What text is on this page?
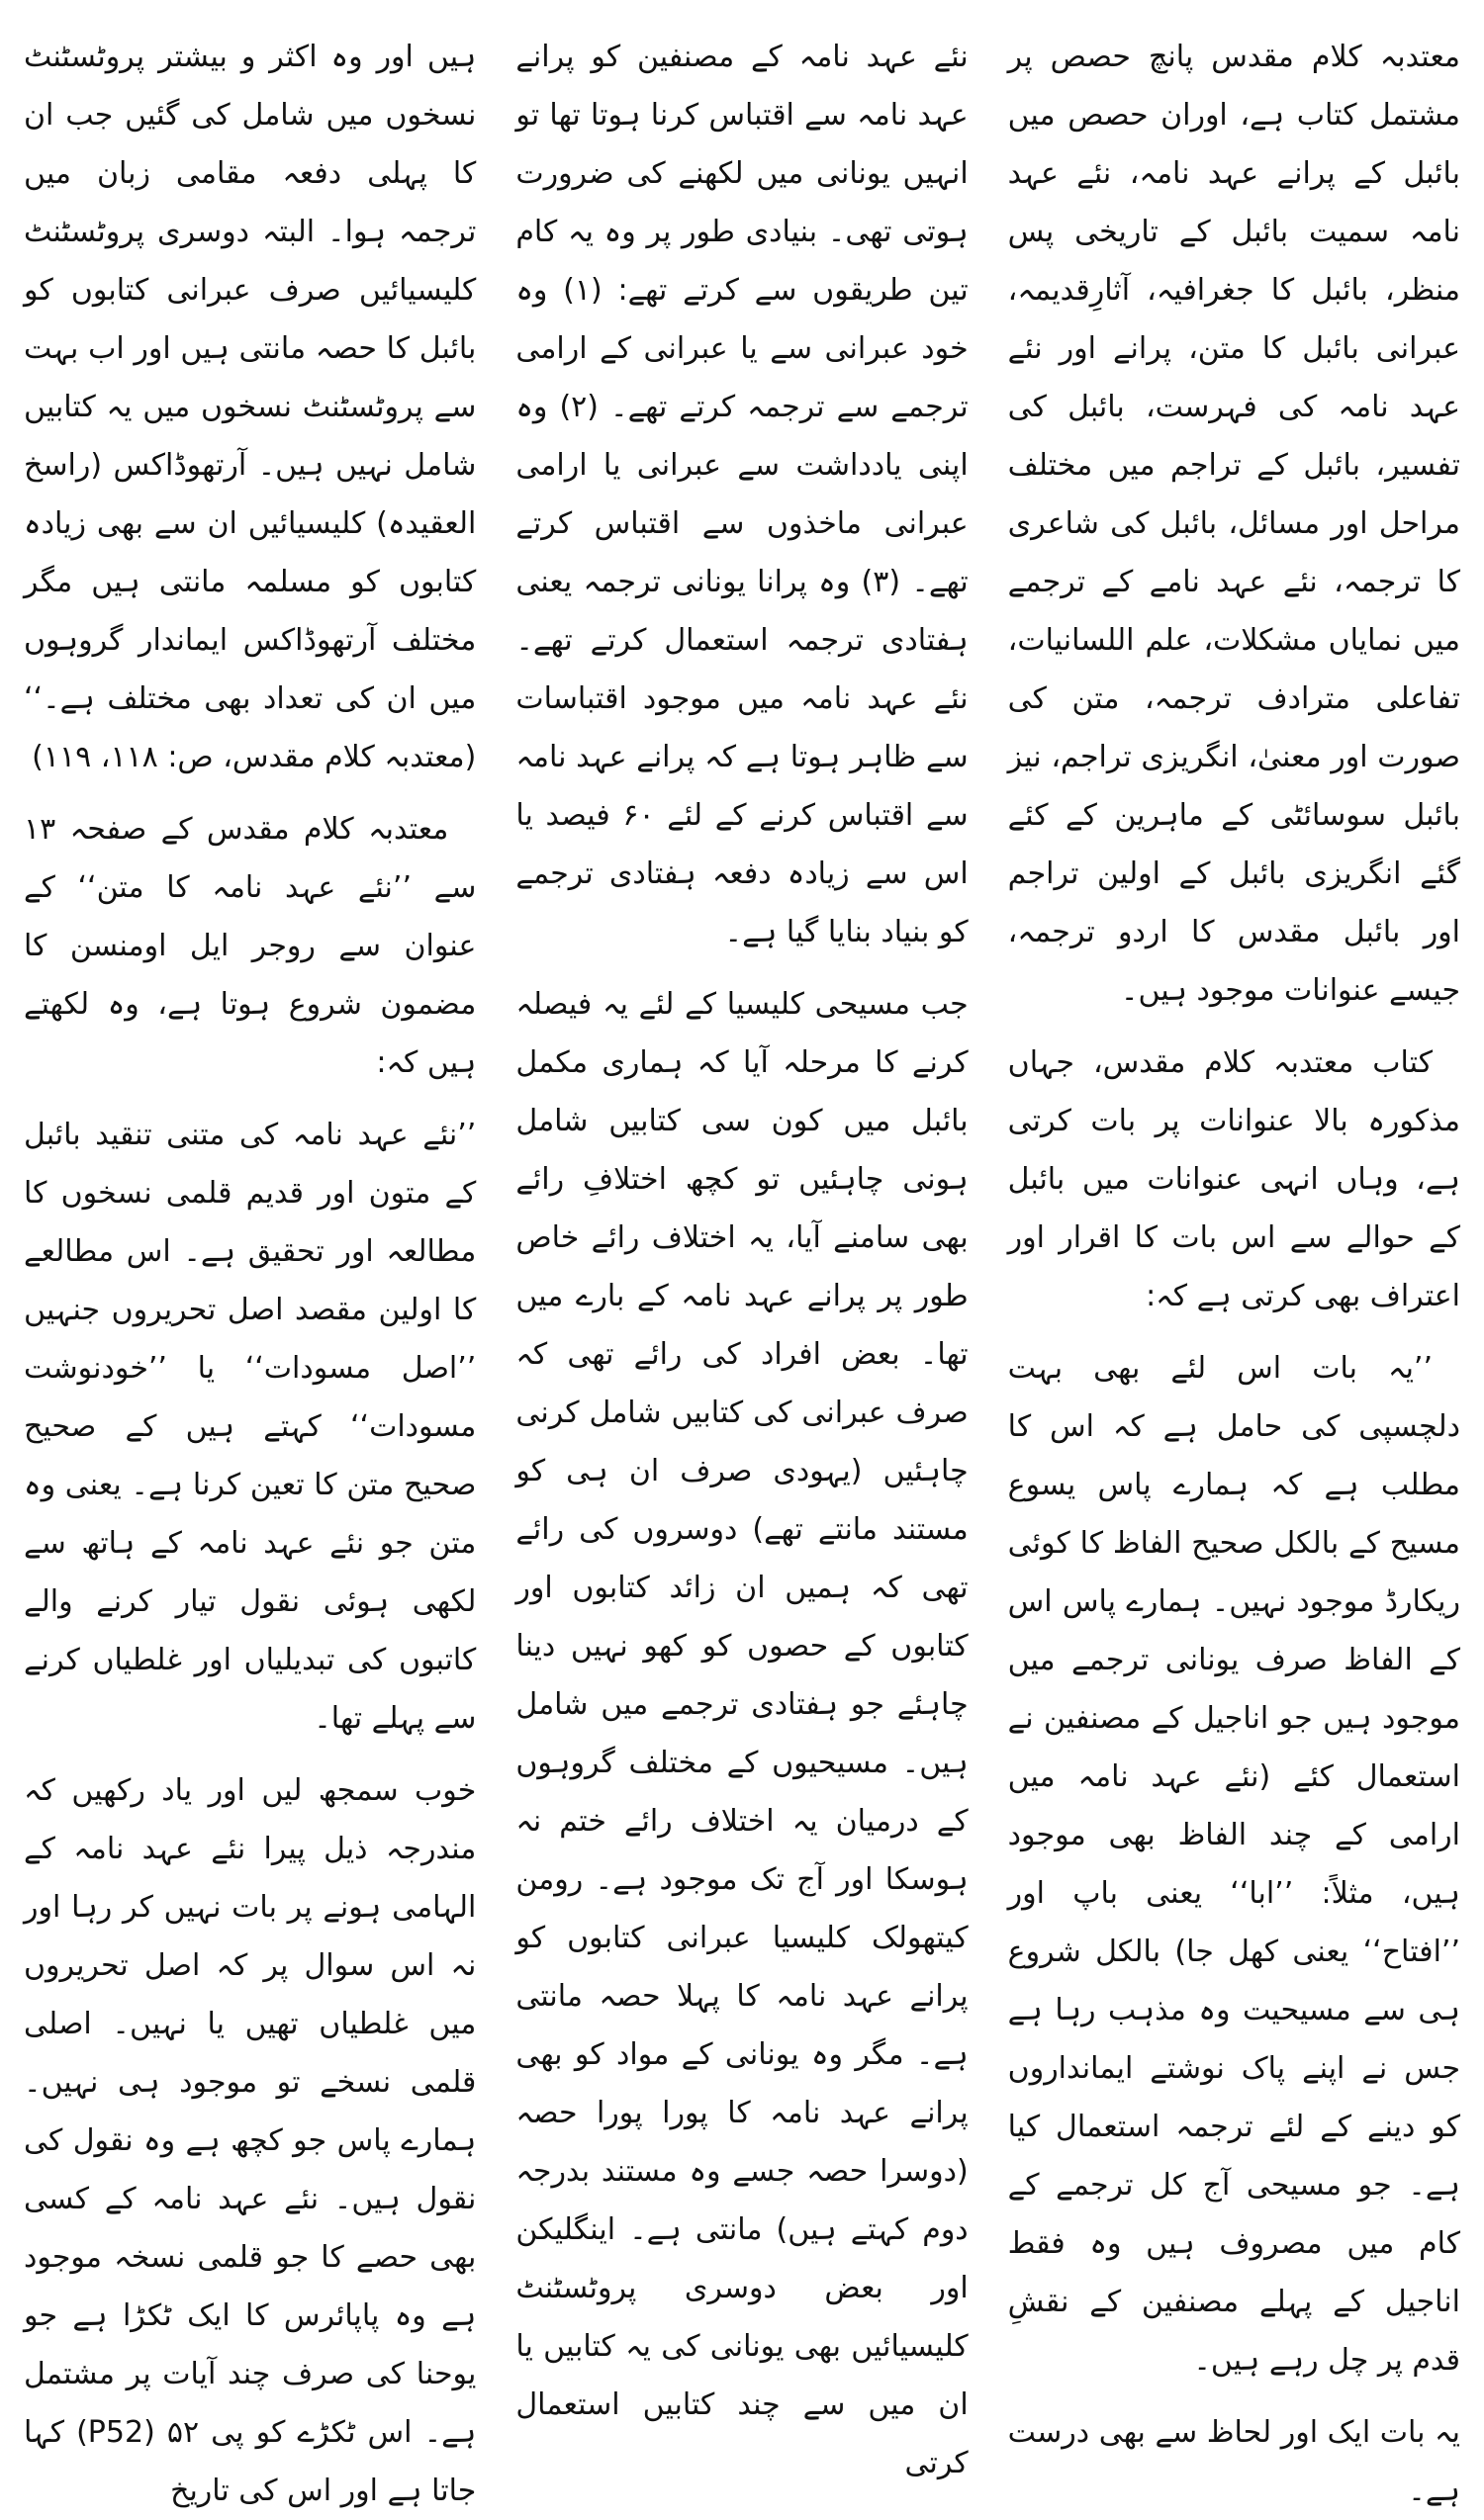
معتدبہ کلام مقدس پانچ حصص پر مشتمل کتاب ہے، اوران حصص میں بائبل کے پرانے عہد نامہ، نئے عہد نامہ سمیت بائبل کے تاریخی پس منظر، بائبل کا جغرافیہ، آثارِقدیمہ، عبرانی بائبل کا متن، پرانے اور نئے عہد نامہ کی فہرست، بائبل کی تفسیر، بائبل کے تراجم میں مختلف مراحل اور مسائل، بائبل کی شاعری کا ترجمہ، نئے عہد نامے کے ترجمے میں نمایاں مشکلات، علم اللسانیات، تفاعلی مترادف ترجمہ، متن کی صورت اور معنیٰ، انگریزی تراجم، نیز بائبل سوسائٹی کے ماہرین کے کئے گئے انگریزی بائبل کے اولین تراجم اور بائبل مقدس کا اردو ترجمہ، جیسے عنوانات موجود ہیں۔

کتاب معتدبہ کلام مقدس، جہاں مذکورہ بالا عنوانات پر بات کرتی ہے، وہاں انہی عنوانات میں بائبل کے حوالے سے اس بات کا اقرار اور اعتراف بھی کرتی ہے کہ:

’’یہ بات اس لئے بھی بہت دلچسپی کی حامل ہے کہ اس کا مطلب ہے کہ ہمارے پاس یسوع مسیح کے بالکل صحیح الفاظ کا کوئی ریکارڈ موجود نہیں۔ ہمارے پاس اس کے الفاظ صرف یونانی ترجمے میں موجود ہیں جو اناجیل کے مصنفین نے استعمال کئے (نئے عہد نامہ میں ارامی کے چند الفاظ بھی موجود ہیں، مثلاً: ’’ابا‘‘ یعنی باپ اور ’’افتاح‘‘ یعنی کھل جا) بالکل شروع ہی سے مسیحیت وہ مذہب رہا ہے جس نے اپنے پاک نوشتے ایمانداروں کو دینے کے لئے ترجمہ استعمال کیا ہے۔ جو مسیحی آج کل ترجمے کے کام میں مصروف ہیں وہ فقط اناجیل کے پہلے مصنفین کے نقشِ قدم پر چل رہے ہیں۔

یہ بات ایک اور لحاظ سے بھی درست ہے۔

نئے عہد نامہ کے مصنفین کو پرانے عہد نامہ سے اقتباس کرنا ہوتا تھا تو انہیں یونانی میں لکھنے کی ضرورت ہوتی تھی۔ بنیادی طور پر وہ یہ کام تین طریقوں سے کرتے تھے: (۱) وہ خود عبرانی سے یا عبرانی کے ارامی ترجمے سے ترجمہ کرتے تھے۔ (۲) وہ اپنی یادداشت سے عبرانی یا ارامی عبرانی ماخذوں سے اقتباس کرتے تھے۔ (۳) وہ پرانا یونانی ترجمہ یعنی ہفتادی ترجمہ استعمال کرتے تھے۔ نئے عہد نامہ میں موجود اقتباسات سے ظاہر ہوتا ہے کہ پرانے عہد نامہ سے اقتباس کرنے کے لئے ۶۰ فیصد یا اس سے زیادہ دفعہ ہفتادی ترجمے کو بنیاد بنایا گیا ہے۔

جب مسیحی کلیسیا کے لئے یہ فیصلہ کرنے کا مرحلہ آیا کہ ہماری مکمل بائبل میں کون سی کتابیں شامل ہونی چاہئیں تو کچھ اختلافِ رائے بھی سامنے آیا، یہ اختلاف رائے خاص طور پر پرانے عہد نامہ کے بارے میں تھا۔ بعض افراد کی رائے تھی کہ صرف عبرانی کی کتابیں شامل کرنی چاہئیں (یہودی صرف ان ہی کو مستند مانتے تھے) دوسروں کی رائے تھی کہ ہمیں ان زائد کتابوں اور کتابوں کے حصوں کو کھو نہیں دینا چاہئے جو ہفتادی ترجمے میں شامل ہیں۔ مسیحیوں کے مختلف گروہوں کے درمیان یہ اختلاف رائے ختم نہ ہوسکا اور آج تک موجود ہے۔ رومن کیتھولک کلیسیا عبرانی کتابوں کو پرانے عہد نامہ کا پہلا حصہ مانتی ہے۔ مگر وہ یونانی کے مواد کو بھی پرانے عہد نامہ کا پورا پورا حصہ (دوسرا حصہ جسے وہ مستند بدرجہ دوم کہتے ہیں) مانتی ہے۔ اینگلیکن اور بعض دوسری پروٹسٹنٹ کلیسیائیں بھی یونانی کی یہ کتابیں یا ان میں سے چند کتابیں استعمال کرتی

ہیں اور وہ اکثر و بیشتر پروٹسٹنٹ نسخوں میں شامل کی گئیں جب ان کا پہلی دفعہ مقامی زبان میں ترجمہ ہوا۔ البتہ دوسری پروٹسٹنٹ کلیسیائیں صرف عبرانی کتابوں کو بائبل کا حصہ مانتی ہیں اور اب بہت سے پروٹسٹنٹ نسخوں میں یہ کتابیں شامل نہیں ہیں۔ آرتھوڈاکس (راسخ العقیدہ) کلیسیائیں ان سے بھی زیادہ کتابوں کو مسلمہ مانتی ہیں مگر مختلف آرتھوڈاکس ایماندار گروہوں میں ان کی تعداد بھی مختلف ہے۔‘‘ (معتدبہ کلام مقدس، ص: ۱۱۸، ۱۱۹)

معتدبہ کلام مقدس کے صفحہ ۱۳ سے ’’نئے عہد نامہ کا متن‘‘ کے عنوان سے روجر ایل اومنسن کا مضمون شروع ہوتا ہے، وہ لکھتے ہیں کہ:

’’نئے عہد نامہ کی متنی تنقید بائبل کے متون اور قدیم قلمی نسخوں کا مطالعہ اور تحقیق ہے۔ اس مطالعے کا اولین مقصد اصل تحریروں جنہیں ’’اصل مسودات‘‘ یا ’’خودنوشت مسودات‘‘ کہتے ہیں کے صحیح صحیح متن کا تعین کرنا ہے۔ یعنی وہ متن جو نئے عہد نامہ کے ہاتھ سے لکھی ہوئی نقول تیار کرنے والے کاتبوں کی تبدیلیاں اور غلطیاں کرنے سے پہلے تھا۔

خوب سمجھ لیں اور یاد رکھیں کہ مندرجہ ذیل پیرا نئے عہد نامہ کے الہامی ہونے پر بات نہیں کر رہا اور نہ اس سوال پر کہ اصل تحریروں میں غلطیاں تھیں یا نہیں۔ اصلی قلمی نسخے تو موجود ہی نہیں۔ ہمارے پاس جو کچھ ہے وہ نقول کی نقول ہیں۔ نئے عہد نامہ کے کسی بھی حصے کا جو قلمی نسخہ موجود ہے وہ پاپائرس کا ایک ٹکڑا ہے جو یوحنا کی صرف چند آیات پر مشتمل ہے۔ اس ٹکڑے کو پی ۵۲ (P52) کہا جاتا ہے اور اس کی تاریخ
